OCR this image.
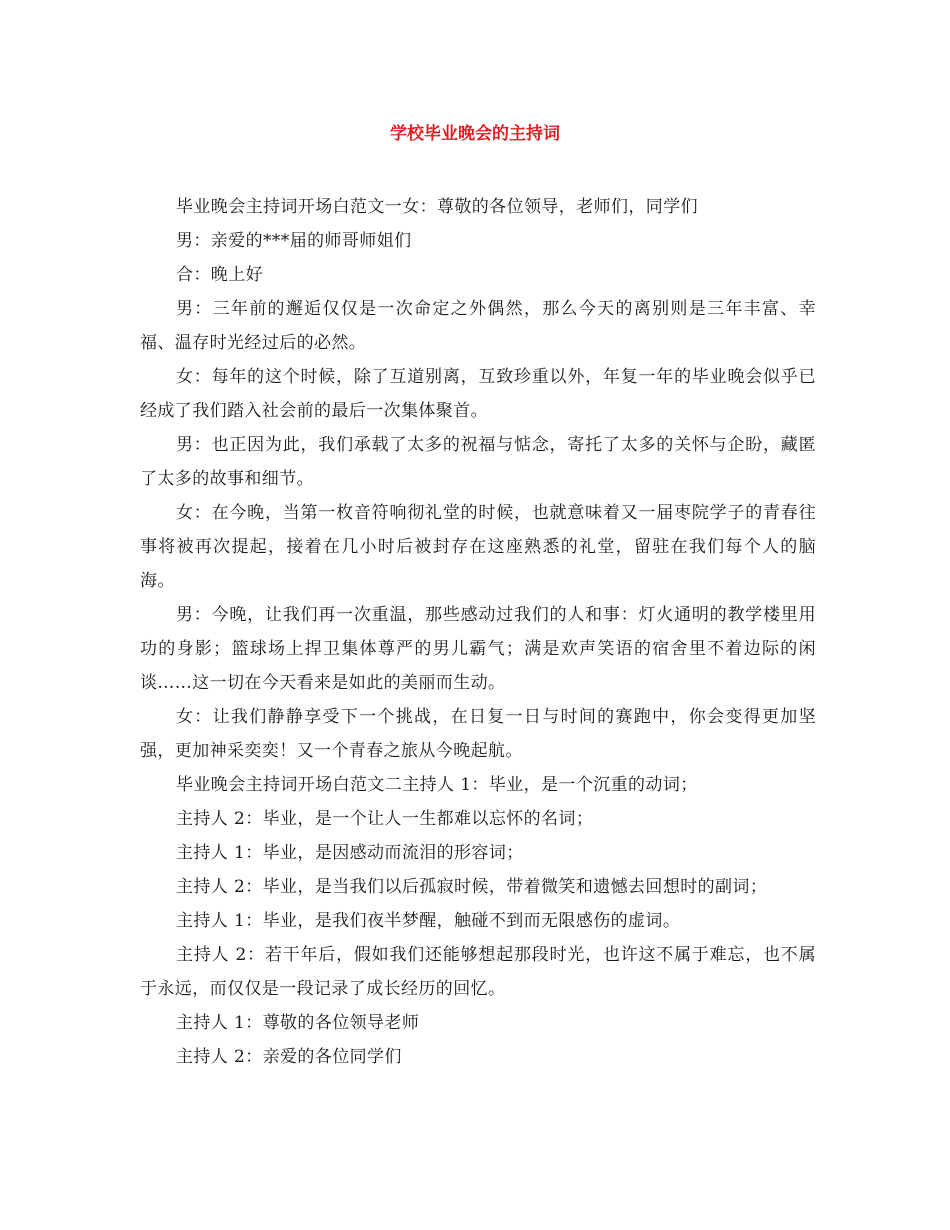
学校毕业晚会的主持词

毕业晚会主持词开场白范文一女：尊敬的各位领导，老师们，同学们

男：亲爱的***届的师哥师姐们

合：晚上好

男：三年前的邂逅仅仅是一次命定之外偶然，那么今天的离别则是三年丰富、幸福、温存时光经过后的必然。

女：每年的这个时候，除了互道别离，互致珍重以外，年复一年的毕业晚会似乎已经成了我们踏入社会前的最后一次集体聚首。

男：也正因为此，我们承载了太多的祝福与惦念，寄托了太多的关怀与企盼，藏匿了太多的故事和细节。

女：在今晚，当第一枚音符响彻礼堂的时候，也就意味着又一届枣院学子的青春往事将被再次提起，接着在几小时后被封存在这座熟悉的礼堂，留驻在我们每个人的脑海。

男：今晚，让我们再一次重温，那些感动过我们的人和事：灯火通明的教学楼里用功的身影；篮球场上捍卫集体尊严的男儿霸气；满是欢声笑语的宿舍里不着边际的闲谈……这一切在今天看来是如此的美丽而生动。

女：让我们静静享受下一个挑战，在日复一日与时间的赛跑中，你会变得更加坚强，更加神采奕奕！又一个青春之旅从今晚起航。

毕业晚会主持词开场白范文二主持人 1：毕业，是一个沉重的动词；

主持人 2：毕业，是一个让人一生都难以忘怀的名词；

主持人 1：毕业，是因感动而流泪的形容词；

主持人 2：毕业，是当我们以后孤寂时候，带着微笑和遗憾去回想时的副词；

主持人 1：毕业，是我们夜半梦醒，触碰不到而无限感伤的虚词。

主持人 2：若干年后，假如我们还能够想起那段时光，也许这不属于难忘，也不属于永远，而仅仅是一段记录了成长经历的回忆。

主持人 1：尊敬的各位领导老师

主持人 2：亲爱的各位同学们
